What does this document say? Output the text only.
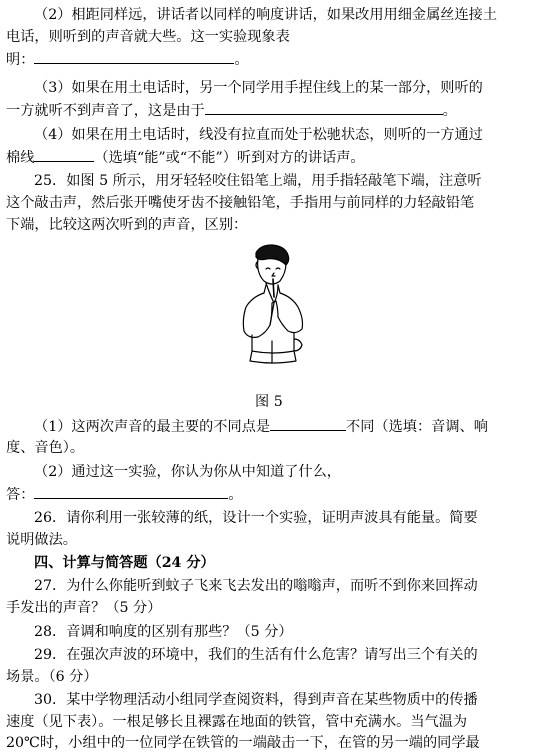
（2）相距同样远，讲话者以同样的响度讲话，如果改用用细金属丝连接土
电话，则听到的声音就大些。这一实验现象表
明：	。
（3）如果在用土电话时，另一个同学用手捏住线上的某一部分，则听的
一方就听不到声音了，这是由于	。
（4）如果在用土电话时，线没有拉直而处于松驰状态，则听的一方通过
棉线	（选填“能”或“不能”）听到对方的讲话声。
25．如图 5 所示，用牙轻轻咬住铅笔上端，用手指轻敲笔下端，注意听
这个敲击声，然后张开嘴使牙齿不接触铅笔，手指用与前同样的力轻敲铅笔
下端，比较这两次听到的声音，区别：
图 5
（1）这两次声音的最主要的不同点是	不同（选填：音调、响
度、音色）。
（2）通过这一实验，你认为你从中知道了什么，
答：	。
26．请你利用一张较薄的纸，设计一个实验，证明声波具有能量。简要
说明做法。
四、计算与简答题（24 分）
27．为什么你能听到蚊子飞来飞去发出的嗡嗡声，而听不到你来回挥动
手发出的声音？（5 分）
28．音调和响度的区别有那些？（5 分）
29．在强次声波的环境中，我们的生活有什么危害？请写出三个有关的
场景。（6 分）
30．某中学物理活动小组同学查阅资料，得到声音在某些物质中的传播
速度（见下表）。一根足够长且裸露在地面的铁管，管中充满水。当气温为
20℃时，小组中的一位同学在铁管的一端敲击一下，在管的另一端的同学最
